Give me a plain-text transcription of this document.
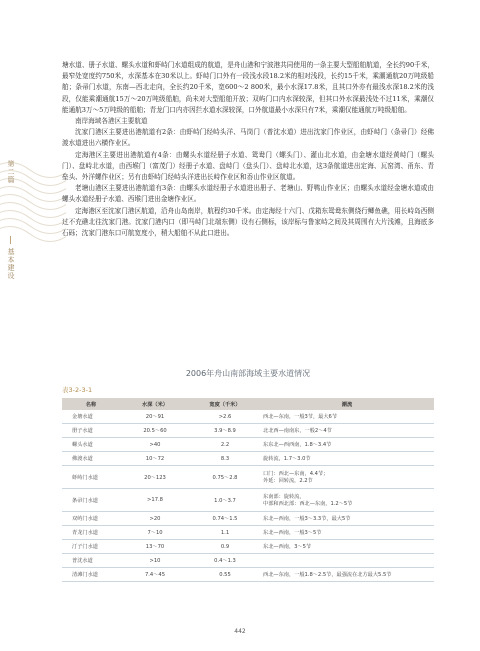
第二篇
基本建设

塘水道、册子水道、螺头水道和虾峙门水道组成的航道，是舟山港和宁波港共同使用的一条主要大型船舶航道，全长约90千米，最窄处宽度约750米，水深基本在30米以上。虾峙门口外有一段浅水段18.2米的相对浅段，长约15千米，乘潮通航20万吨级船舶；条帚门水道，东南—西北走向，全长约20千米，宽600～2 800米，最小水深17.8米，且其口外亦有最浅水深18.2米的浅段，仅能乘潮通航15万～20万吨级船舶，尚未对大型船舶开放；双屿门口内水深较深，但其口外水深最浅处不过11米，乘潮仅能通航3万～5万吨级的船舶；青龙门口内亦因拦水道水深较深，口外航道最小水深只有7米，乘潮仅能通航万吨级船舶。

南岸海域各港区主要航道

沈家门港区主要进出港航道有2条：由虾峙门经峙头洋、马岗门（普沈水道）进出沈家门作业区，由虾峙门（条帚门）经佛渡水道进出六横作业区。

定海港区主要进出港航道有4条：由螺头水道经册子水道、鸳鸯门（螺头门）、灌山北水道，由金塘水道经黄峙门（螺头门）、盘峙北水道，由西堠门（富茂门）经册子水道、盘峙门（盘头门）、盘峙北水道，这3条航道进出定海、瓦窑湾、甬东、青垒头、外洋螺作业区；另有由虾峙门经峙头洋进出长峙作业区和岙山作业区航道。

老塘山港区主要进出港航道有3条：由螺头水道经册子水道进出册子、老塘山、野鸭山作业区；由螺头水道经金塘水道或由螺头水道经册子水道、西堠门进出金塘作业区。

定海港区至沈家门港区航道，沿舟山岛南岸，航程约30千米。由定海经十六门、戊箱东鸳鸯东侧绕行鲫鱼礁，用长峙岛西侧过不充礁北往沈家门港。沈家门港内口（即马峙门北端东侧）设有石侧标，该岸标与鲁家峙之间及其周围有大片浅滩，且海底多石砾；沈家门港东口可航宽度小，稍大船舶不从此口进出。

2006年舟山南部海域主要水道情况
表3-2-3-1
名称	水深（米）	宽度（千米）	潮流
金塘水道	20～91	>2.6	西北—东南，一般3节，最大6节
册子水道	20.5～60	3.9～8.9	北北西—南南东，一般2～4节
螺头水道	>40	2.2	东东北—西西南，1.8～3.4节
佛渡水道	10～72	8.3	旋转流，1.7～3.0节
虾峙门水道	20～123	0.75～2.8	口门：西北—东南，4.4节；
外延：回转流，2.2节
条帚门水道	>17.8	1.0～3.7	东南部：旋转流，
中部和西北部：西北—东南，1.2～5节
双屿门水道	>20	0.74～1.5	东北—西南，一般3～3.3节，最大5节
青龙门水道	7～10	1.1	东北—西南，一般3～5节
汀子门水道	13～70	0.9	东北—西南，3～5节
普沈水道	>10	0.4～1.3	
清滩门水道	7.4～45	0.55	西北—东南，一般1.8～2.5节，最强流在北方最大5.5节
442
